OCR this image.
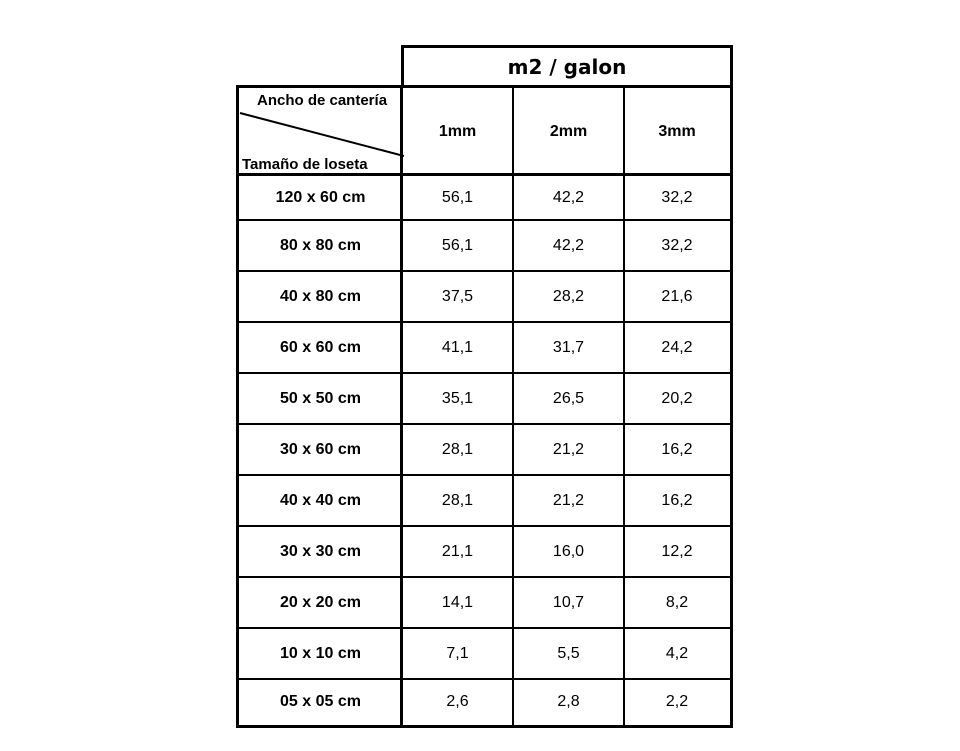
m2 / galon
Ancho de cantería
Tamaño de loseta
1mm	2mm	3mm
120 x 60 cm	56,1	42,2	32,2
80 x 80 cm	56,1	42,2	32,2
40 x 80 cm	37,5	28,2	21,6
60 x 60 cm	41,1	31,7	24,2
50 x 50 cm	35,1	26,5	20,2
30 x 60 cm	28,1	21,2	16,2
40 x 40 cm	28,1	21,2	16,2
30 x 30 cm	21,1	16,0	12,2
20 x 20 cm	14,1	10,7	8,2
10 x 10 cm	7,1	5,5	4,2
05 x 05 cm	2,6	2,8	2,2
